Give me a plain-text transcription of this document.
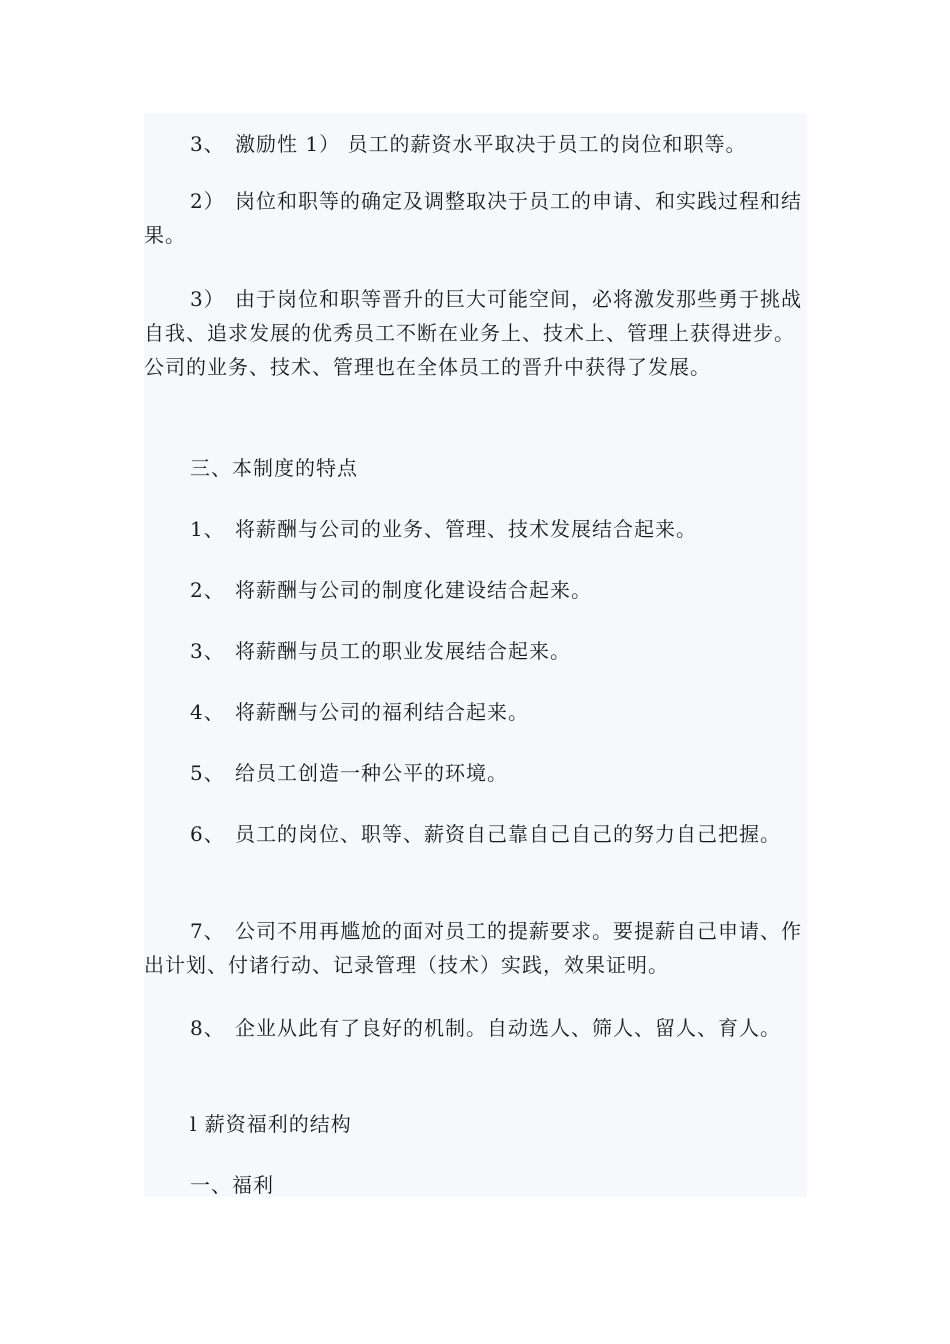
3、 激励性 1） 员工的薪资水平取决于员工的岗位和职等。

2） 岗位和职等的确定及调整取决于员工的申请、和实践过程和结果。

3） 由于岗位和职等晋升的巨大可能空间，必将激发那些勇于挑战自我、追求发展的优秀员工不断在业务上、技术上、管理上获得进步。公司的业务、技术、管理也在全体员工的晋升中获得了发展。

三、本制度的特点

1、 将薪酬与公司的业务、管理、技术发展结合起来。

2、 将薪酬与公司的制度化建设结合起来。

3、 将薪酬与员工的职业发展结合起来。

4、 将薪酬与公司的福利结合起来。

5、 给员工创造一种公平的环境。

6、 员工的岗位、职等、薪资自己靠自己自己的努力自己把握。

7、 公司不用再尴尬的面对员工的提薪要求。要提薪自己申请、作出计划、付诸行动、记录管理（技术）实践，效果证明。

8、 企业从此有了良好的机制。自动选人、筛人、留人、育人。

l 薪资福利的结构

一、福利
